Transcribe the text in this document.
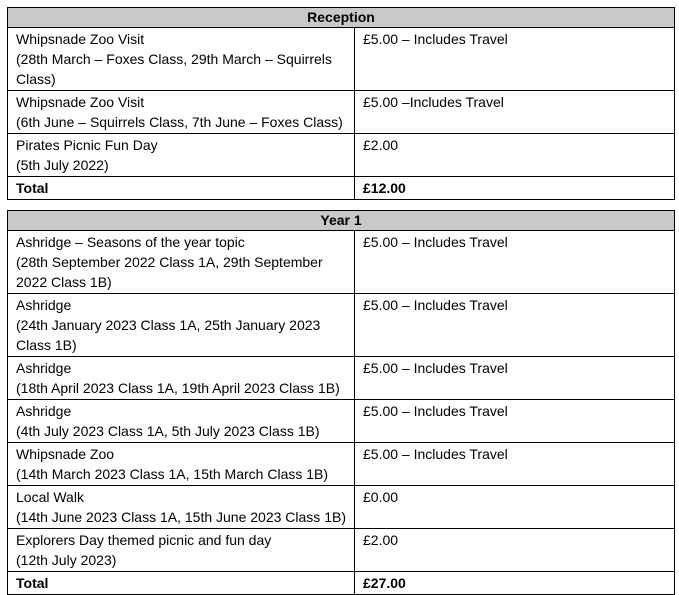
Reception	

Whipsnade Zoo Visit
(28th March – Foxes Class, 29th March – Squirrels Class)	£5.00 – Includes Travel

Whipsnade Zoo Visit
(6th June – Squirrels Class, 7th June – Foxes Class)	£5.00 –Includes Travel

Pirates Picnic Fun Day
(5th July 2022)	£2.00
Total	£12.00
Year 1	

Ashridge – Seasons of the year topic
(28th September 2022 Class 1A, 29th September 2022 Class 1B)	£5.00 – Includes Travel

Ashridge
(24th January 2023 Class 1A, 25th January 2023 Class 1B)	£5.00 – Includes Travel

Ashridge
(18th April 2023 Class 1A, 19th April 2023 Class 1B)	£5.00 – Includes Travel

Ashridge
(4th July 2023 Class 1A, 5th July 2023 Class 1B)	£5.00 – Includes Travel

Whipsnade Zoo
(14th March 2023 Class 1A, 15th March Class 1B)	£5.00 – Includes Travel

Local Walk
(14th June 2023 Class 1A, 15th June 2023 Class 1B)	£0.00

Explorers Day themed picnic and fun day
(12th July 2023)	£2.00
Total	£27.00
